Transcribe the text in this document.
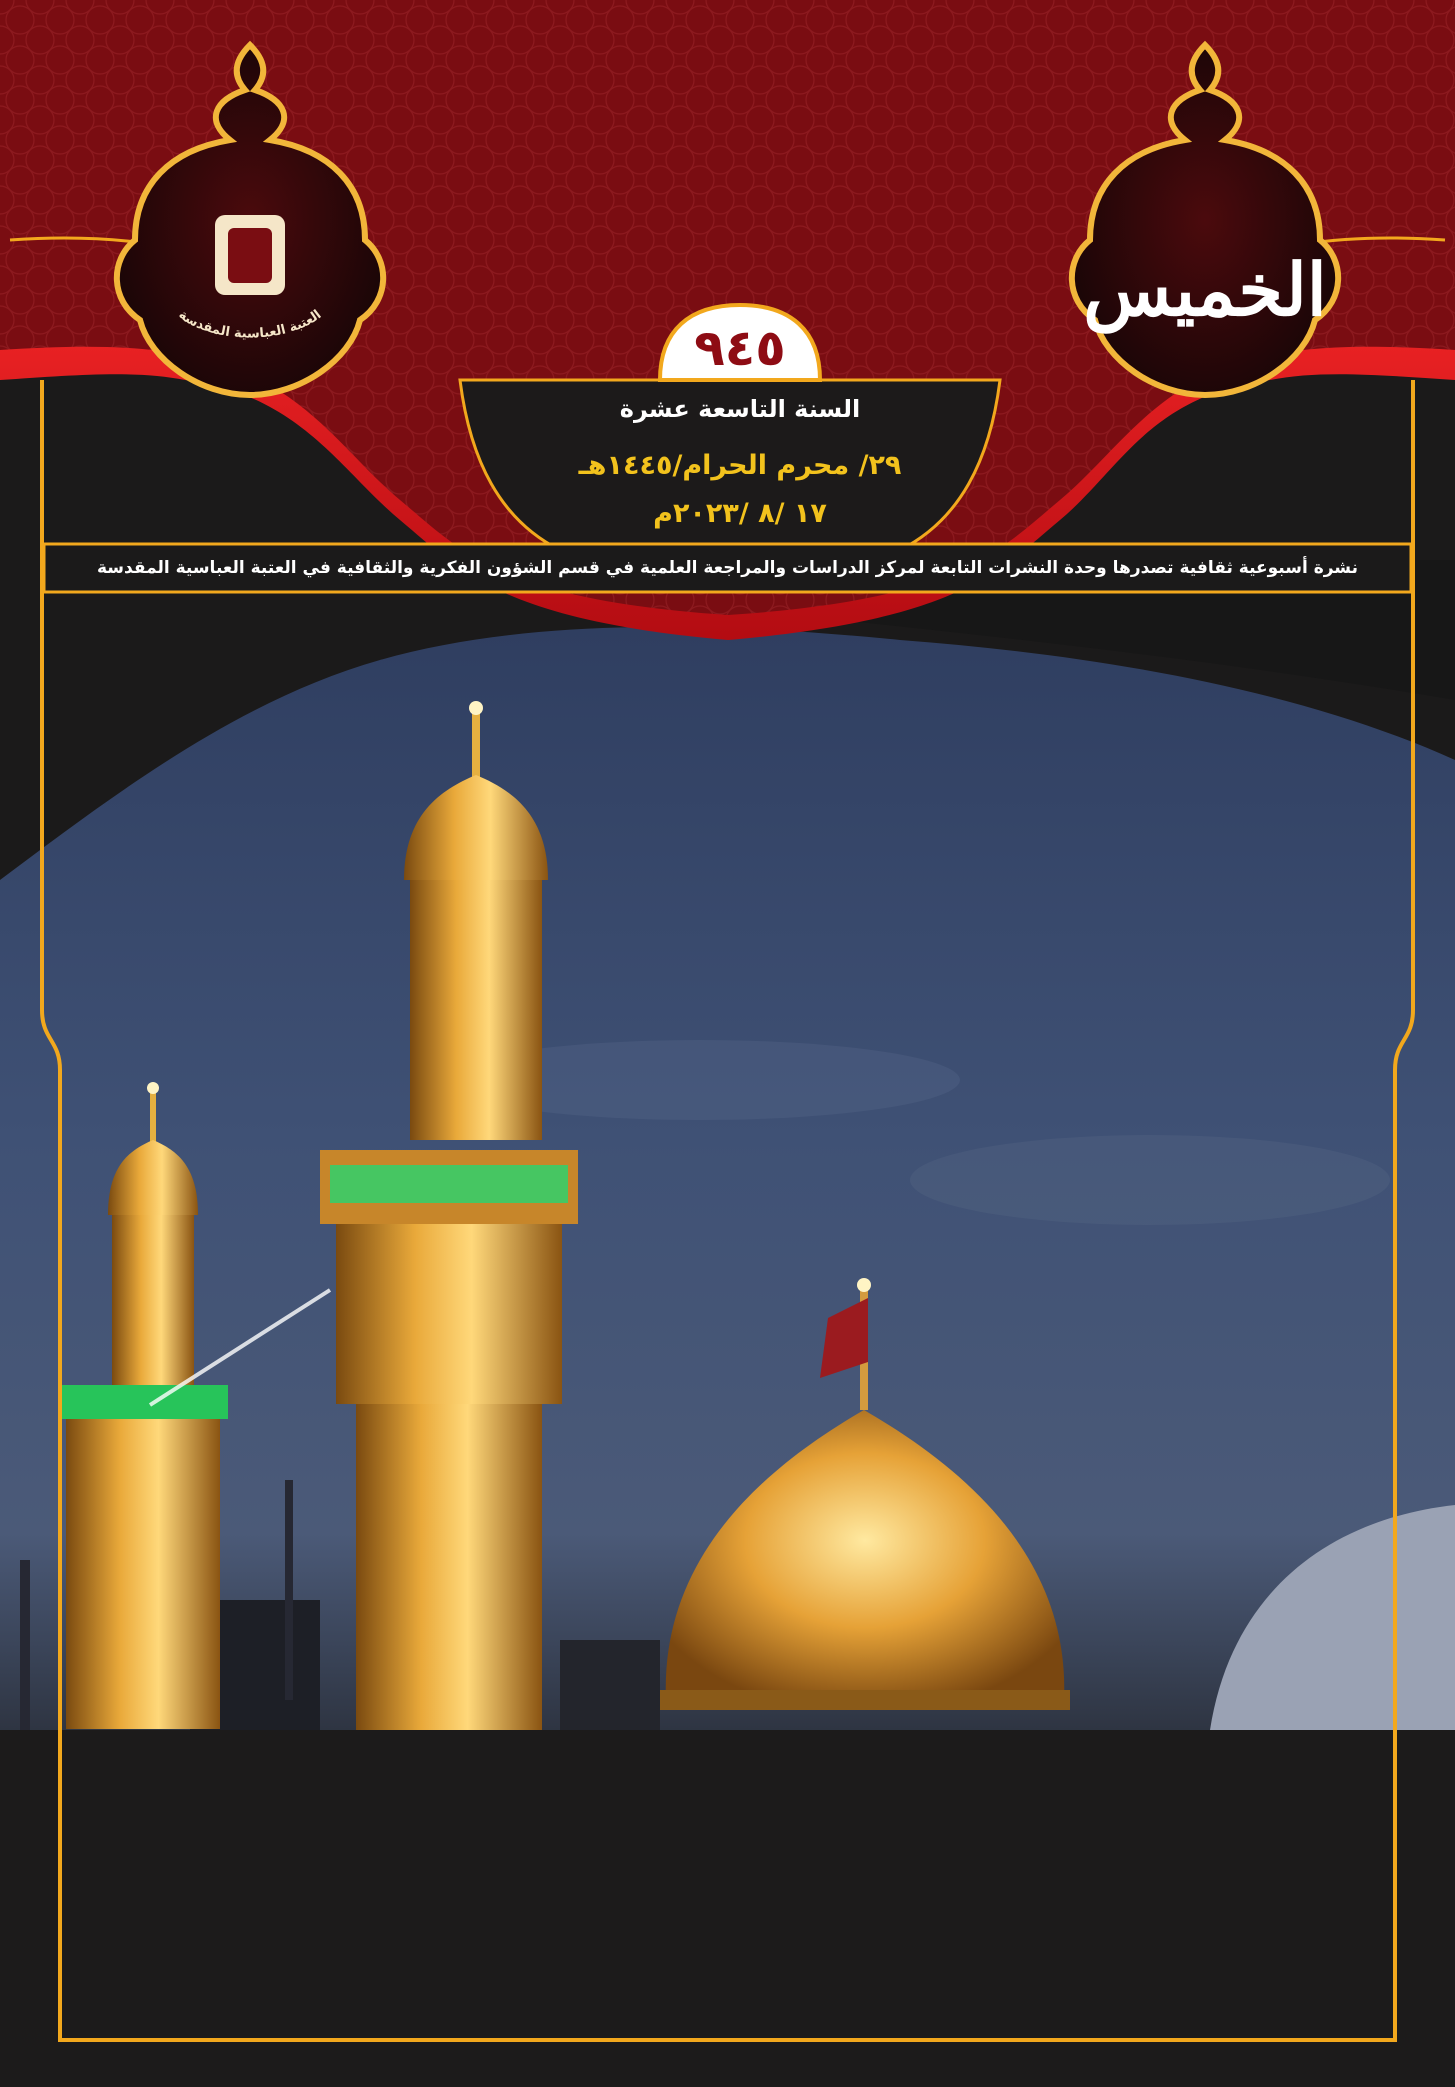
العتبة العباسية المقدسة	الخميس
٩٤٥
السنة التاسعة عشرة
٢٩/ محرم الحرام/١٤٤٥هـ
١٧ /٨ /٢٠٢٣م
نشرة أسبوعية ثقافية تصدرها وحدة النشرات التابعة لمركز الدراسات والمراجعة العلمية في قسم الشؤون الفكرية والثقافية في العتبة العباسية المقدسة
